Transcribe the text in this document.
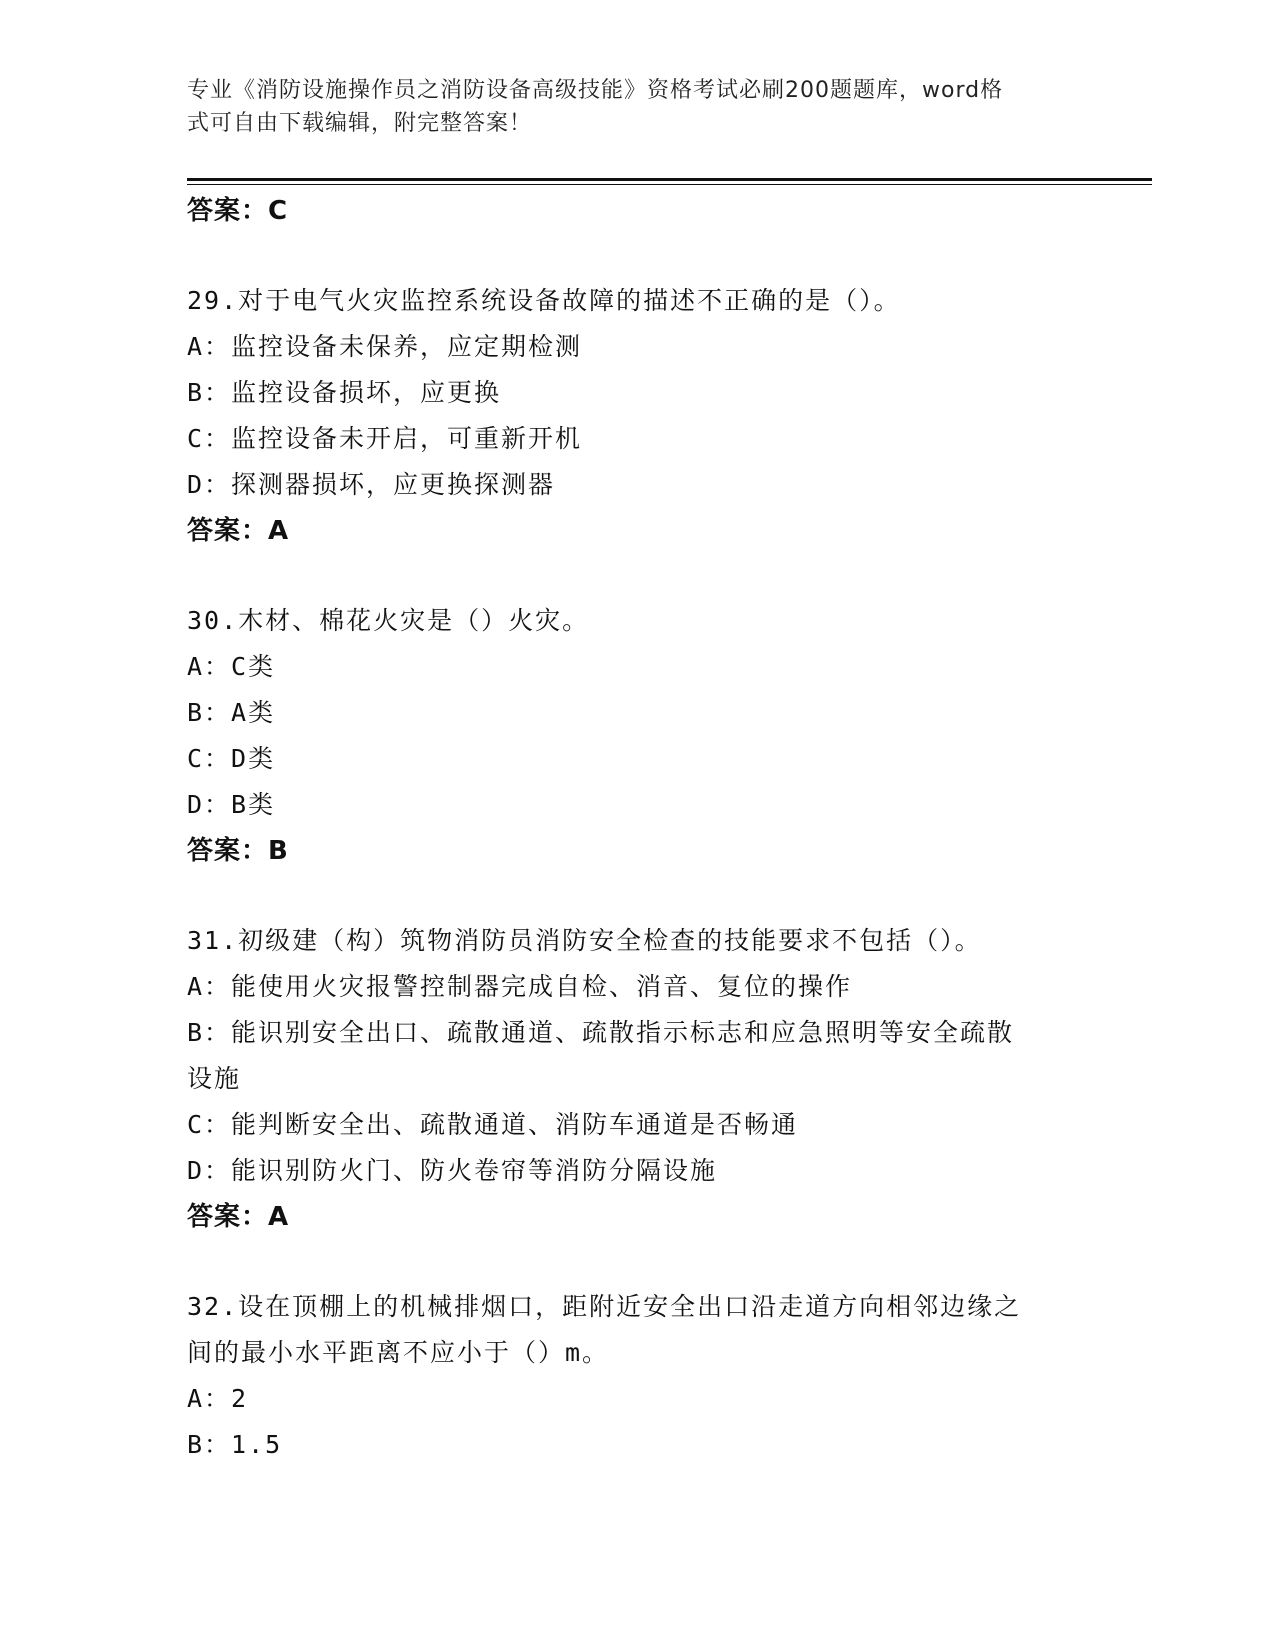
专业《消防设施操作员之消防设备高级技能》资格考试必刷200题题库，word格
式可自由下载编辑，附完整答案！
答案：C
29.对于电气火灾监控系统设备故障的描述不正确的是（）。
A：监控设备未保养，应定期检测
B：监控设备损坏，应更换
C：监控设备未开启，可重新开机
D：探测器损坏，应更换探测器
答案：A
30.木材、棉花火灾是（）火灾。
A：C类
B：A类
C：D类
D：B类
答案：B
31.初级建（构）筑物消防员消防安全检查的技能要求不包括（）。
A：能使用火灾报警控制器完成自检、消音、复位的操作
B：能识别安全出口、疏散通道、疏散指示标志和应急照明等安全疏散
设施
C：能判断安全出、疏散通道、消防车通道是否畅通
D：能识别防火门、防火卷帘等消防分隔设施
答案：A
32.设在顶棚上的机械排烟口，距附近安全出口沿走道方向相邻边缘之
间的最小水平距离不应小于（）m。
A：2
B：1.5
